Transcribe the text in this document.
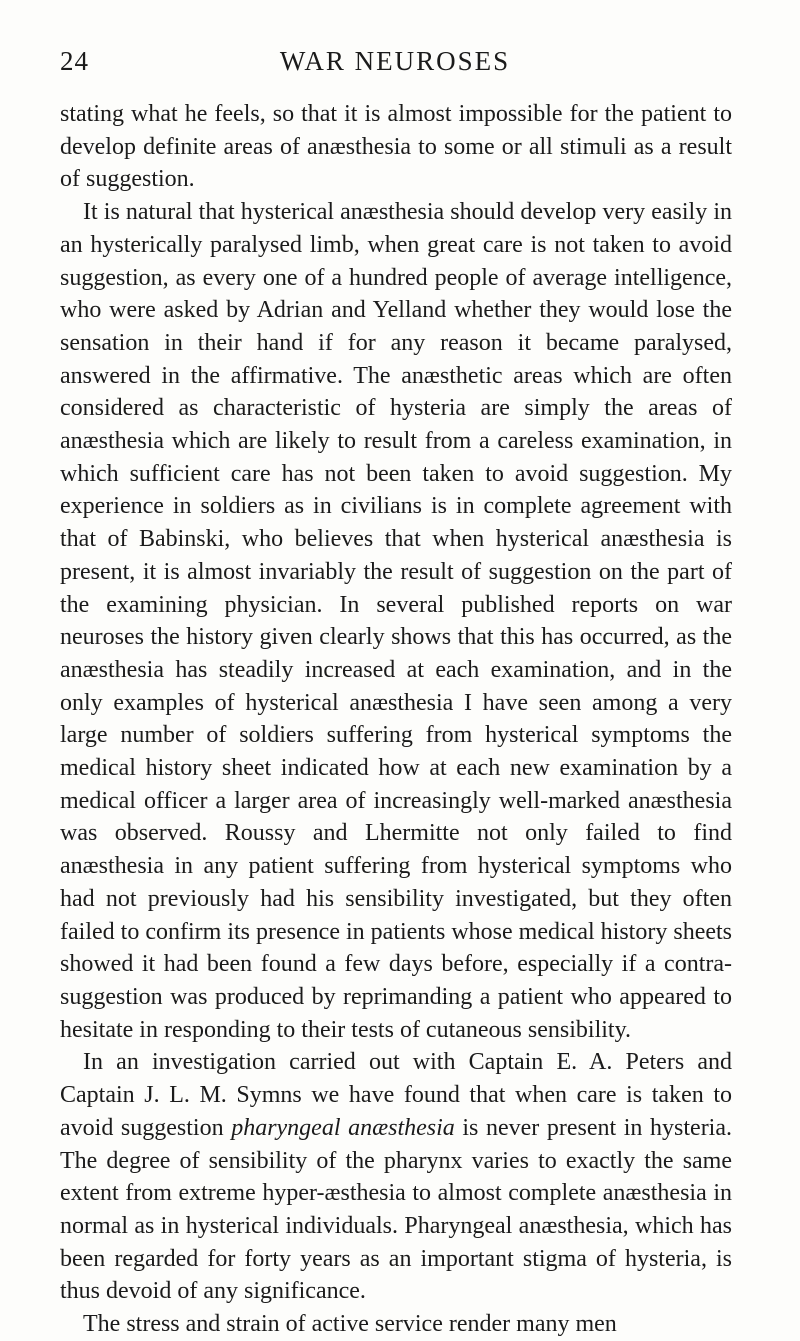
24	WAR NEUROSES

stating what he feels, so that it is almost impossible for the patient to develop definite areas of anæsthesia to some or all stimuli as a result of suggestion.

It is natural that hysterical anæsthesia should develop very easily in an hysterically paralysed limb, when great care is not taken to avoid suggestion, as every one of a hundred people of average intelligence, who were asked by Adrian and Yelland whether they would lose the sensation in their hand if for any reason it became paralysed, answered in the affirmative. The anæsthetic areas which are often considered as characteristic of hysteria are simply the areas of anæsthesia which are likely to result from a careless examination, in which sufficient care has not been taken to avoid suggestion. My experience in soldiers as in civilians is in complete agreement with that of Babinski, who believes that when hysterical anæsthesia is present, it is almost invariably the result of suggestion on the part of the examining physician. In several published reports on war neuroses the history given clearly shows that this has occurred, as the anæsthesia has steadily increased at each examination, and in the only examples of hysterical anæsthesia I have seen among a very large number of soldiers suffering from hysterical symptoms the medical history sheet indicated how at each new examination by a medical officer a larger area of increasingly well-marked anæsthesia was observed. Roussy and Lhermitte not only failed to find anæsthesia in any patient suffering from hysterical symptoms who had not previously had his sensibility investigated, but they often failed to confirm its presence in patients whose medical history sheets showed it had been found a few days before, especially if a contra-suggestion was produced by reprimanding a patient who appeared to hesitate in responding to their tests of cutaneous sensibility.

In an investigation carried out with Captain E. A. Peters and Captain J. L. M. Symns we have found that when care is taken to avoid suggestion pharyngeal anæsthesia is never present in hysteria. The degree of sensibility of the pharynx varies to exactly the same extent from extreme hyper-æsthesia to almost complete anæsthesia in normal as in hysterical individuals. Pharyngeal anæsthesia, which has been regarded for forty years as an important stigma of hysteria, is thus devoid of any significance.

The stress and strain of active service render many men
